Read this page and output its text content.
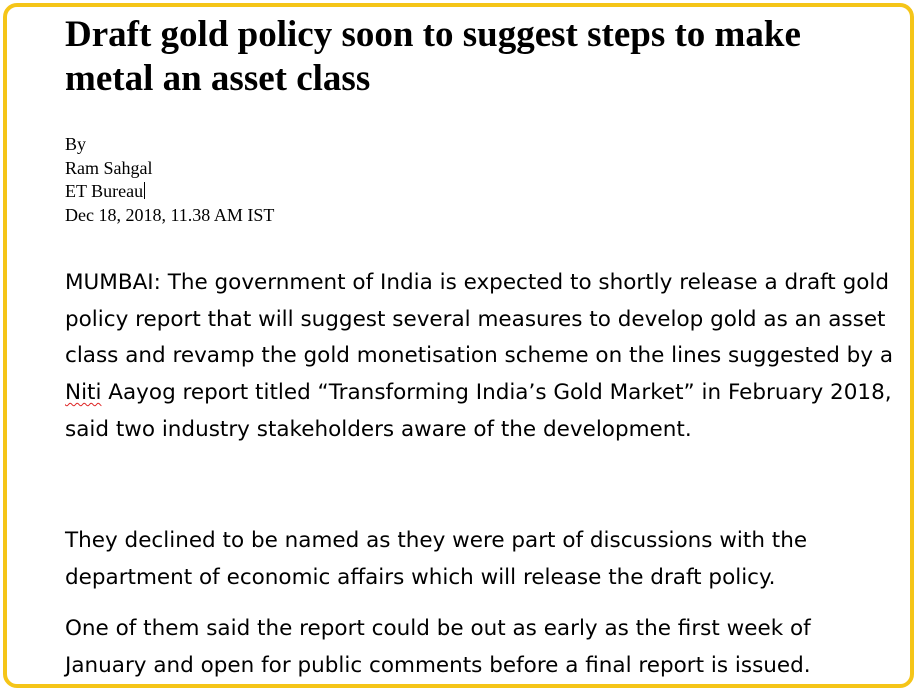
Draft gold policy soon to suggest steps to make metal an asset class
By
Ram Sahgal
ET Bureau
Dec 18, 2018, 11.38 AM IST

MUMBAI: The government of India is expected to shortly release a draft gold policy report that will suggest several measures to develop gold as an asset class and revamp the gold monetisation scheme on the lines suggested by a Niti Aayog report titled “Transforming India’s Gold Market” in February 2018, said two industry stakeholders aware of the development.

They declined to be named as they were part of discussions with the department of economic affairs which will release the draft policy.

One of them said the report could be out as early as the first week of January and open for public comments before a final report is issued.
